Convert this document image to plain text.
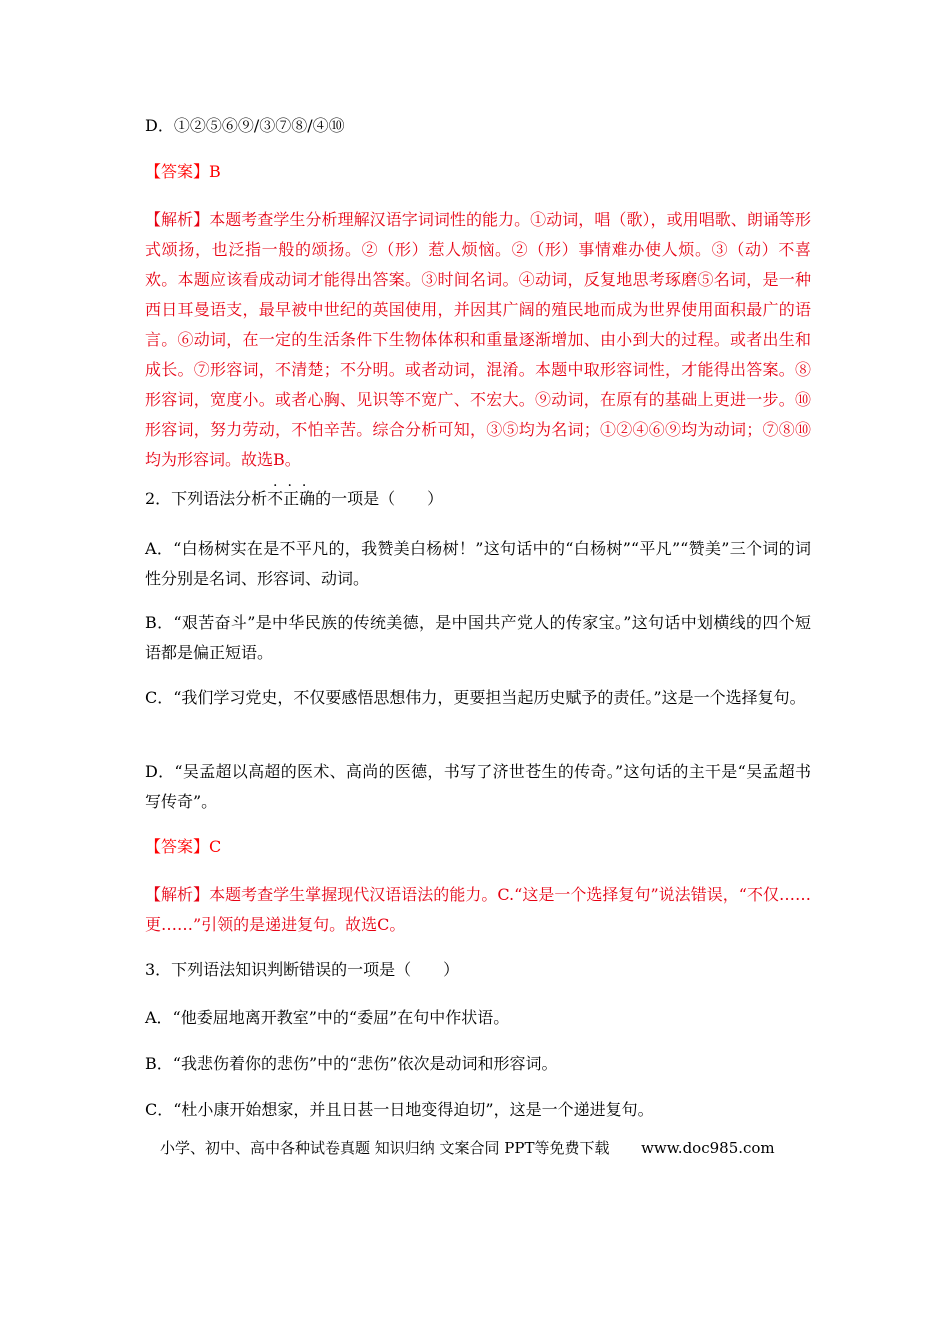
D．①②⑤⑥⑨/③⑦⑧/④⑩
【答案】B
【解析】本题考查学生分析理解汉语字词词性的能力。①动词，唱（歌），或用唱歌、朗诵等形式颂扬，也泛指一般的颂扬。②（形）惹人烦恼。②（形）事情难办使人烦。③（动）不喜欢。本题应该看成动词才能得出答案。③时间名词。④动词，反复地思考琢磨⑤名词，是一种西日耳曼语支，最早被中世纪的英国使用，并因其广阔的殖民地而成为世界使用面积最广的语言。⑥动词，在一定的生活条件下生物体体积和重量逐渐增加、由小到大的过程。或者出生和成长。⑦形容词，不清楚；不分明。或者动词，混淆。本题中取形容词性，才能得出答案。⑧形容词，宽度小。或者心胸、见识等不宽广、不宏大。⑨动词，在原有的基础上更进一步。⑩形容词，努力劳动，不怕辛苦。综合分析可知，③⑤均为名词；①②④⑥⑨均为动词；⑦⑧⑩均为形容词。故选B。
...
2．下列语法分析不正确的一项是（　　）
A．“白杨树实在是不平凡的，我赞美白杨树！”这句话中的“白杨树”“平凡”“赞美”三个词的词性分别是名词、形容词、动词。
B．“艰苦奋斗”是中华民族的传统美德，是中国共产党人的传家宝。”这句话中划横线的四个短语都是偏正短语。
C．“我们学习党史，不仅要感悟思想伟力，更要担当起历史赋予的责任。”这是一个选择复句。
D．“吴孟超以高超的医术、高尚的医德，书写了济世苍生的传奇。”这句话的主干是“吴孟超书写传奇”。
【答案】C
【解析】本题考查学生掌握现代汉语语法的能力。C.“这是一个选择复句”说法错误，“不仅……更……”引领的是递进复句。故选C。
3．下列语法知识判断错误的一项是（　　）
A．“他委屈地离开教室”中的“委屈”在句中作状语。
B．“我悲伤着你的悲伤”中的“悲伤”依次是动词和形容词。
C．“杜小康开始想家，并且日甚一日地变得迫切”，这是一个递进复句。
小学、初中、高中各种试卷真题 知识归纳 文案合同 PPT等免费下载 www.doc985.com
